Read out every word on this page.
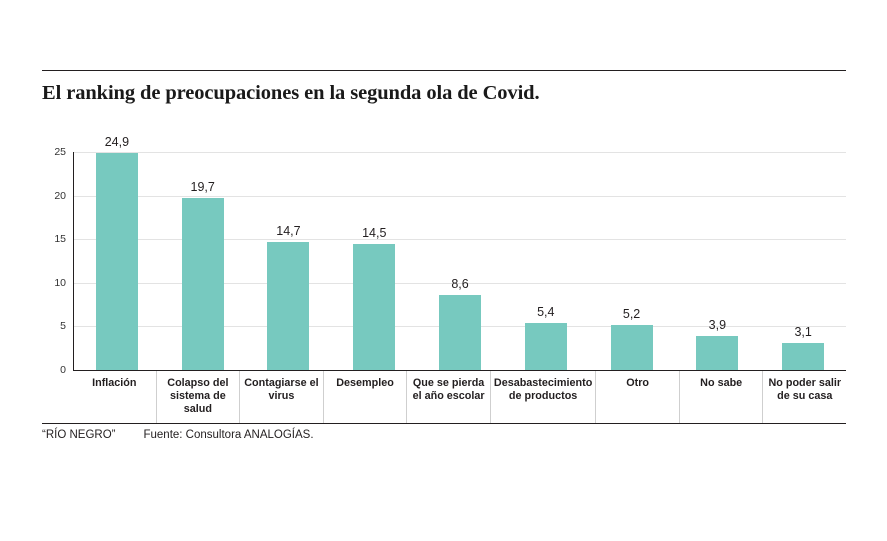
El ranking de preocupaciones en la segunda ola de Covid.
0
5
10
15
20
25
24,9
19,7
14,7	14,5
8,6
5,4	5,2
3,9	3,1
Inflación	Colapso del sistema de salud
Contagiarse el virus
Desempleo	Que se pierda el año escolar
Desabastecimiento de productos
Otro	No sabe	No poder salir de su casa
“RÍO NEGRO” Fuente: Consultora ANALOGÍAS.
